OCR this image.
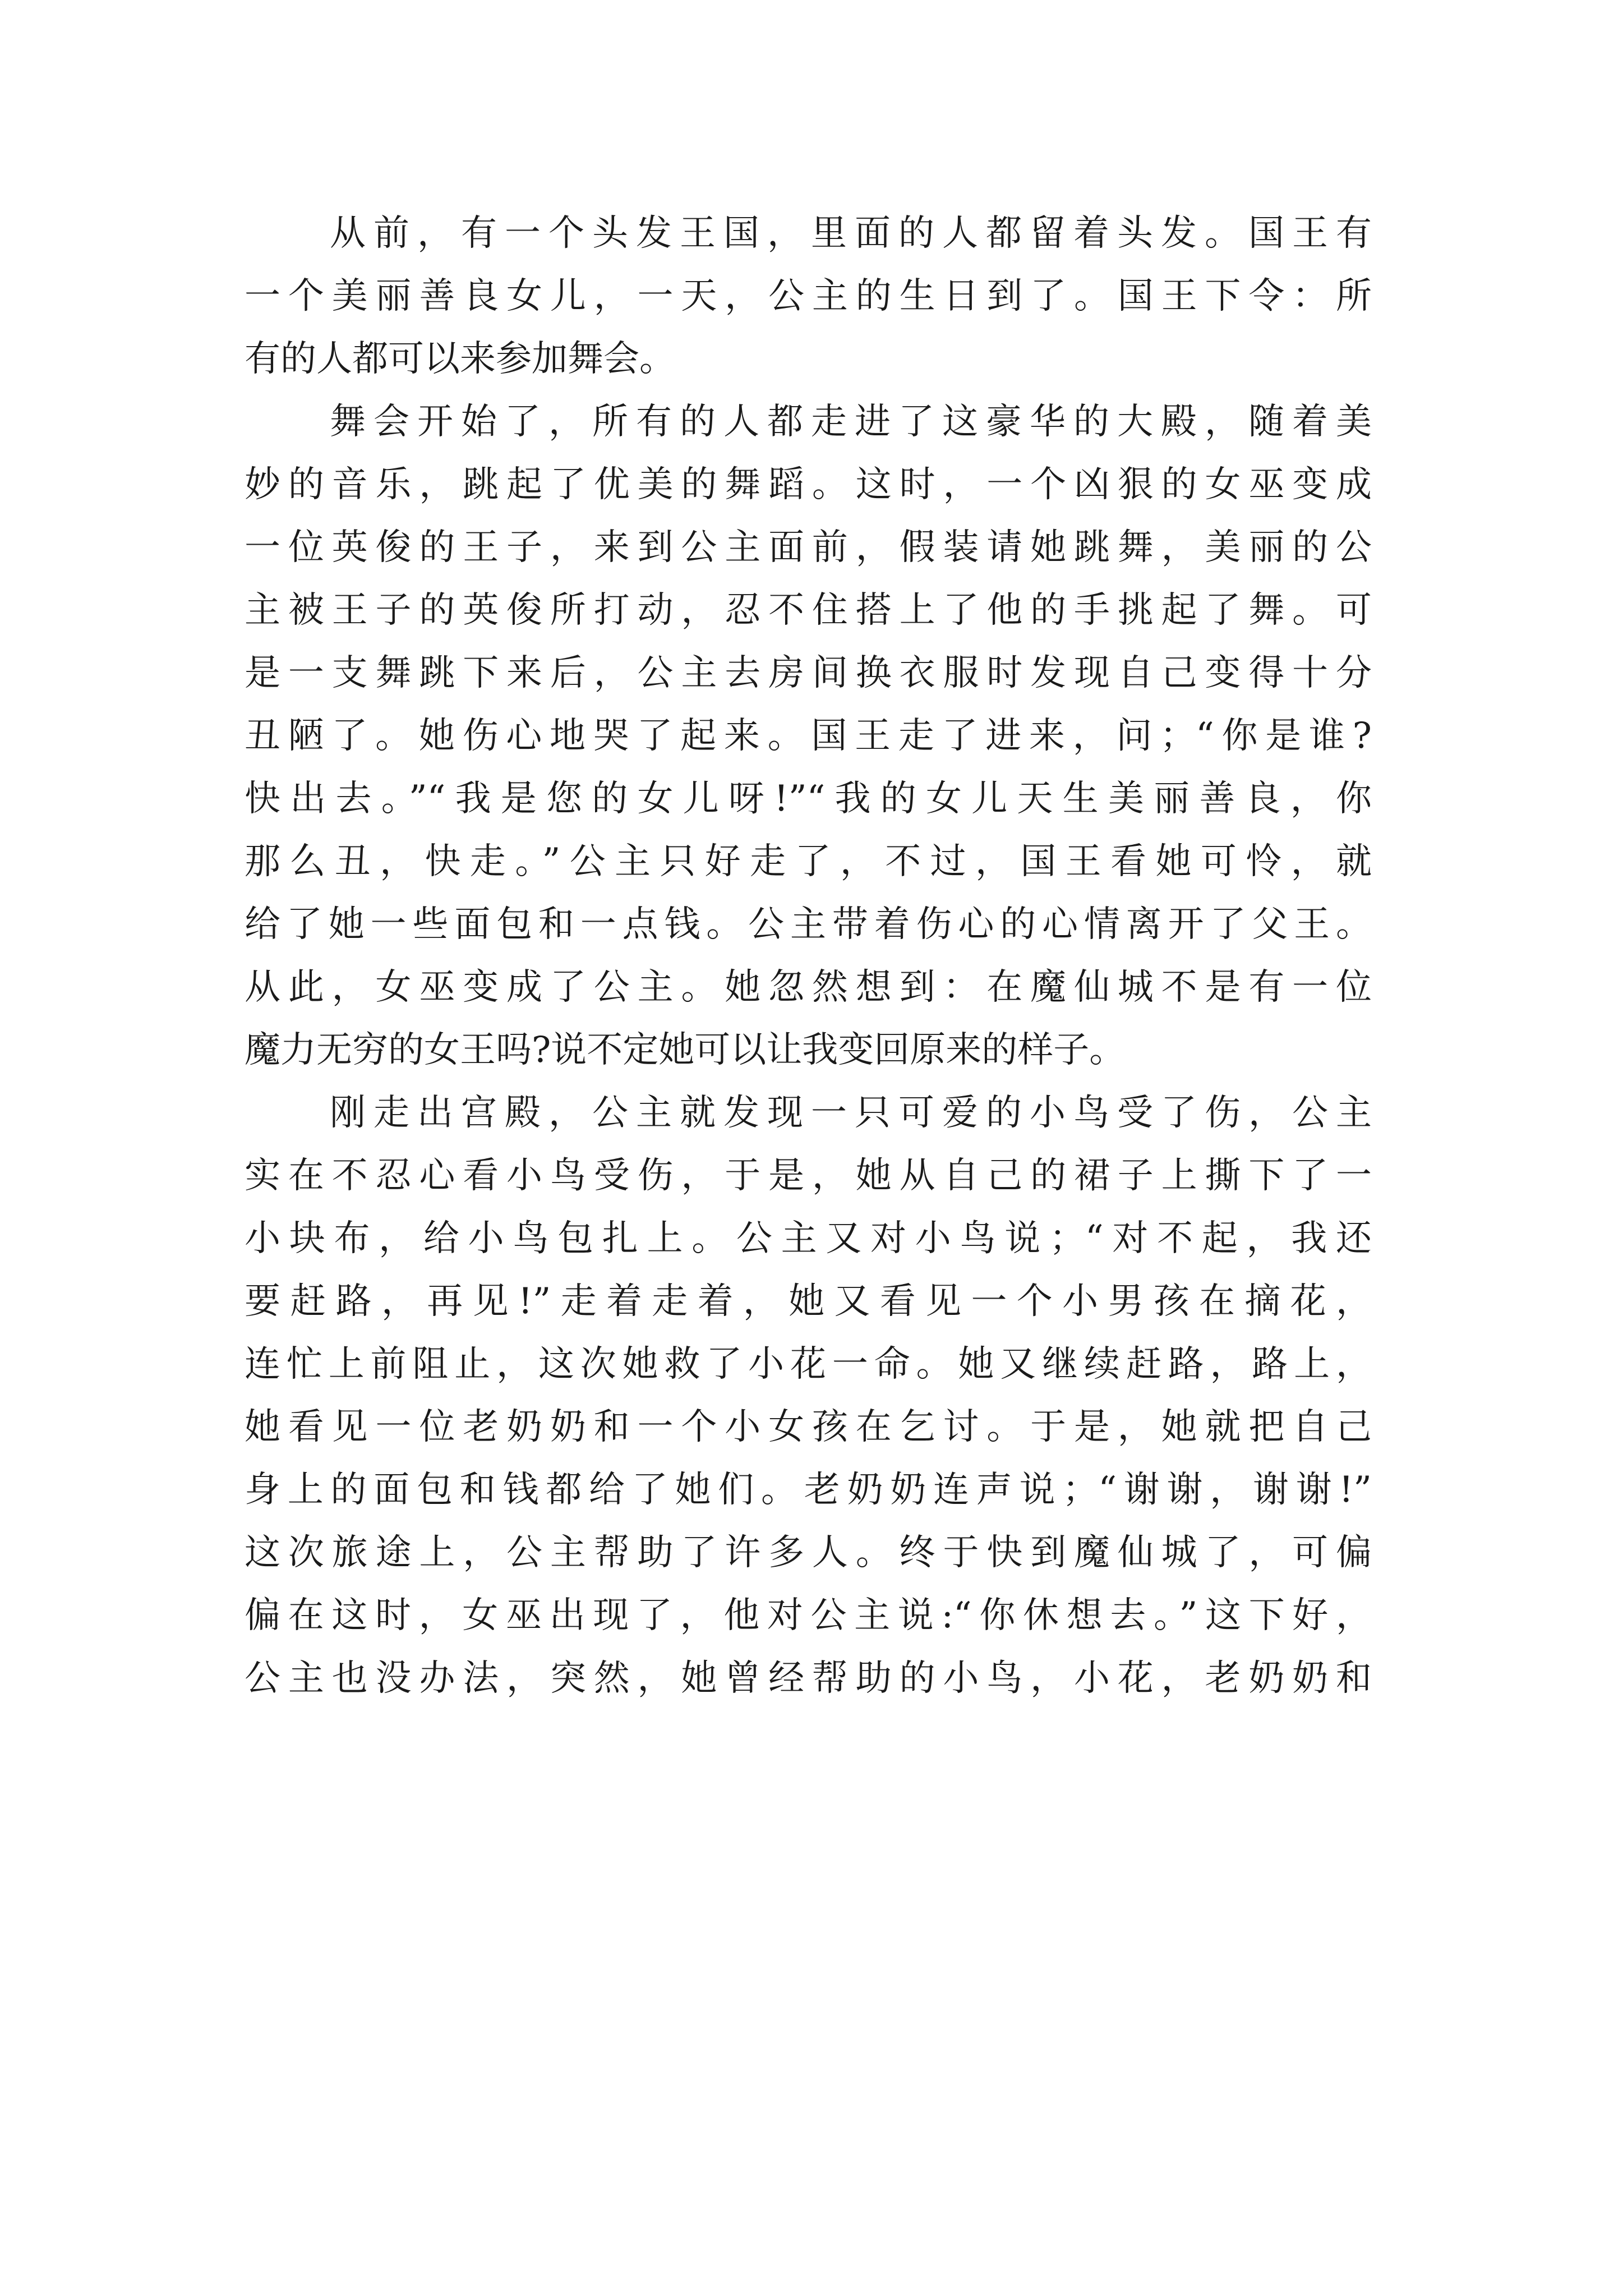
从前，有一个头发王国，里面的人都留着头发。国王有
一个美丽善良女儿，一天，公主的生日到了。国王下令：所
有的人都可以来参加舞会。
舞会开始了，所有的人都走进了这豪华的大殿，随着美
妙的音乐，跳起了优美的舞蹈。这时，一个凶狠的女巫变成
一位英俊的王子，来到公主面前，假装请她跳舞，美丽的公
主被王子的英俊所打动，忍不住搭上了他的手挑起了舞。可
是一支舞跳下来后，公主去房间换衣服时发现自己变得十分
丑陋了。她伤心地哭了起来。国王走了进来，问；“你是谁?
快出去。”“我是您的女儿呀!”“我的女儿天生美丽善良，你
那么丑，快走。”公主只好走了，不过，国王看她可怜，就
给了她一些面包和一点钱。公主带着伤心的心情离开了父王。
从此，女巫变成了公主。她忽然想到：在魔仙城不是有一位
魔力无穷的女王吗?说不定她可以让我变回原来的样子。
刚走出宫殿，公主就发现一只可爱的小鸟受了伤，公主
实在不忍心看小鸟受伤，于是，她从自己的裙子上撕下了一
小块布，给小鸟包扎上。公主又对小鸟说；“对不起，我还
要赶路，再见!”走着走着，她又看见一个小男孩在摘花，
连忙上前阻止，这次她救了小花一命。她又继续赶路，路上，
她看见一位老奶奶和一个小女孩在乞讨。于是，她就把自己
身上的面包和钱都给了她们。老奶奶连声说；“谢谢，谢谢!”
这次旅途上，公主帮助了许多人。终于快到魔仙城了，可偏
偏在这时，女巫出现了，他对公主说:“你休想去。”这下好，
公主也没办法，突然，她曾经帮助的小鸟，小花，老奶奶和
